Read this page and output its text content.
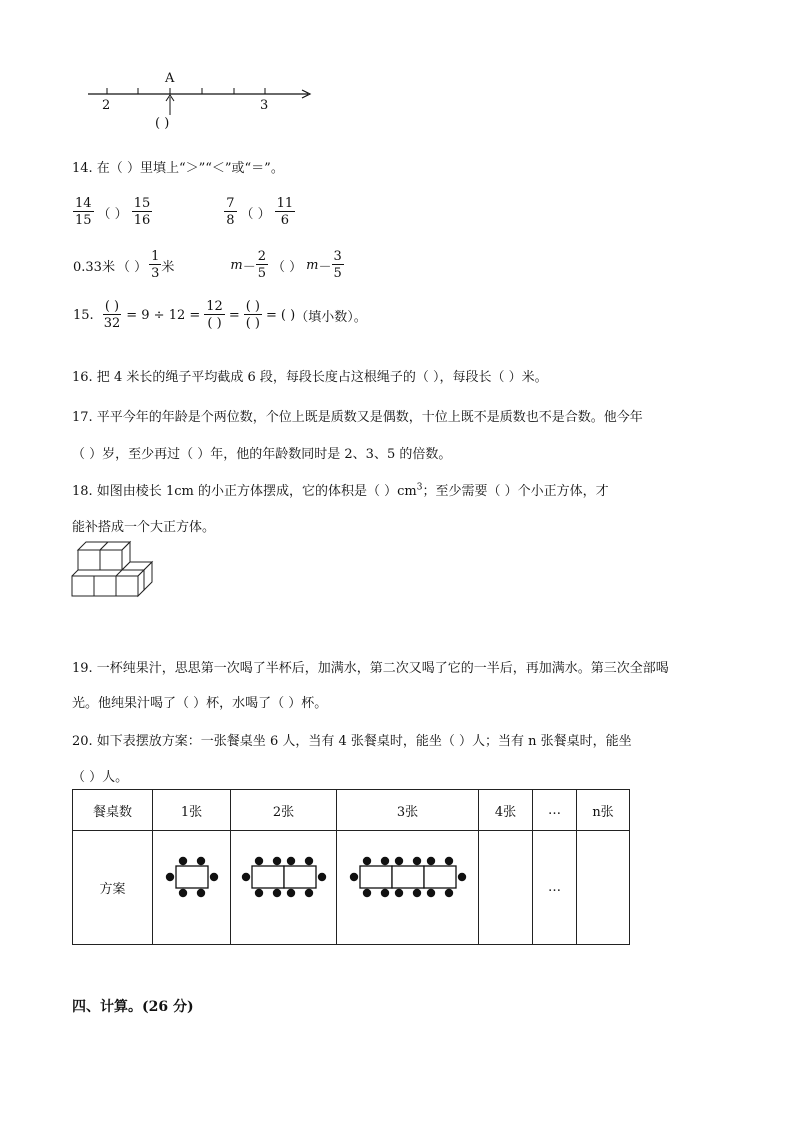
A
2	3
( )
14. 在（ ）里填上“＞”“＜”或“＝”。
$\frac{14}{15}$ （ ） $\frac{15}{16}$	$\frac{7}{8}$ （ ） $\frac{11}{6}$
0.33米 （ ） $\frac{1}{3}$ 米	$m - \frac{2}{5}$ （ ） $m - \frac{3}{5}$
15. $\frac{( )}{32} = 9 \div 12 = \frac{12}{( )} = \frac{( )}{( )}$ = ( ) （填小数）。
16. 把 4 米长的绳子平均截成 6 段，每段长度占这根绳子的（ ），每段长（ ）米。
17. 平平今年的年龄是个两位数，个位上既是质数又是偶数，十位上既不是质数也不是合数。他今年
（ ）岁，至少再过（ ）年，他的年龄数同时是 2、3、5 的倍数。
18. 如图由棱长 1cm 的小正方体摆成，它的体积是（ ）$cm^3$；至少需要（ ）个小正方体，才
能补搭成一个大正方体。
19. 一杯纯果汁，思思第一次喝了半杯后，加满水，第二次又喝了它的一半后，再加满水。第三次全部喝
光。他纯果汁喝了（ ）杯，水喝了（ ）杯。
20. 如下表摆放方案：一张餐桌坐 6 人，当有 4 张餐桌时，能坐（ ）人；当有 n 张餐桌时，能坐
（ ）人。
餐桌数	1张	2张	3张	4张	…	n张
方案					…	
四、计算。(26 分)
